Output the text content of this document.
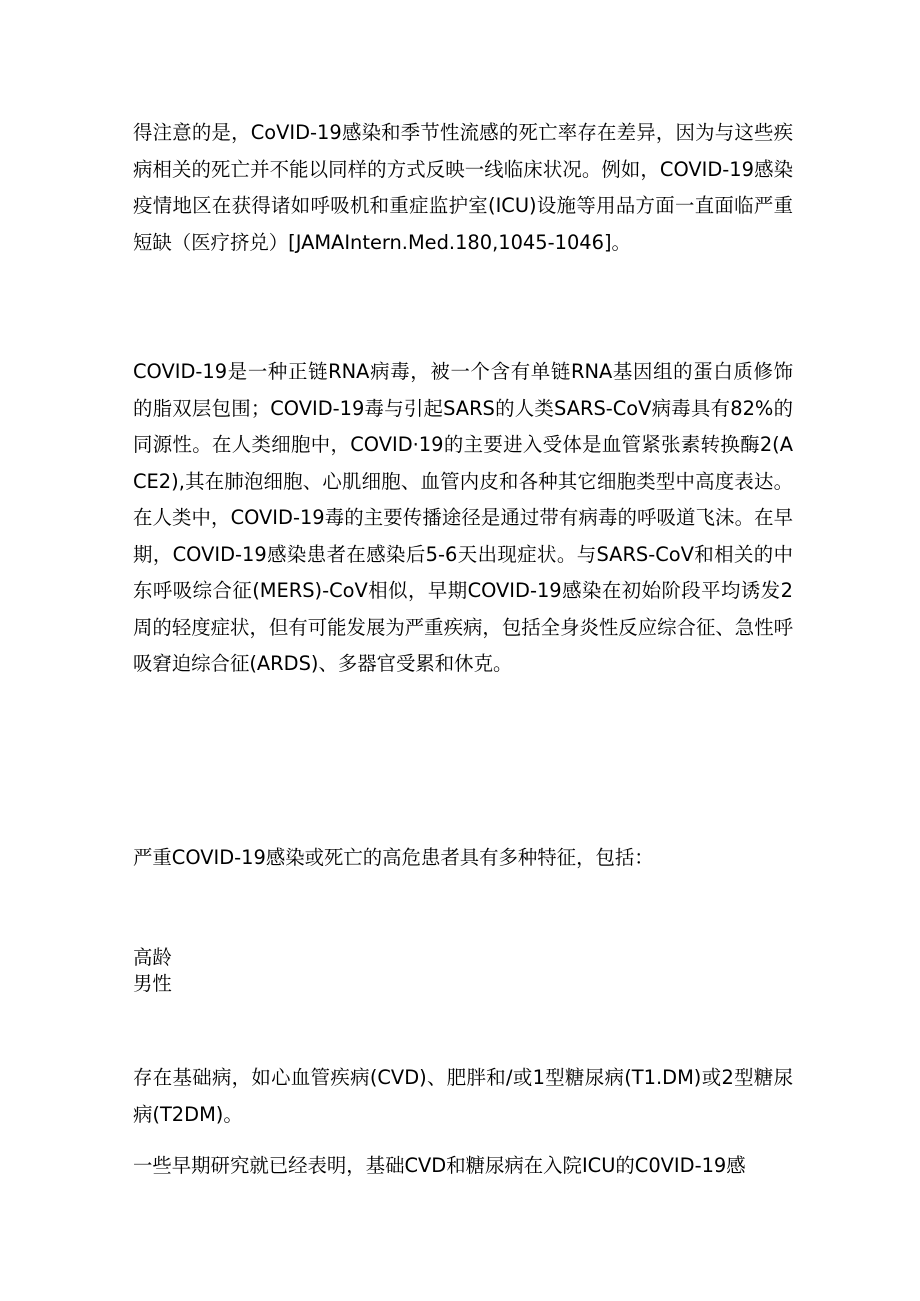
得注意的是，CoVID-19感染和季节性流感的死亡率存在差异，因为与这些疾病相关的死亡并不能以同样的方式反映一线临床状况。例如，COVID-19感染疫情地区在获得诸如呼吸机和重症监护室(ICU)设施等用品方面一直面临严重短缺（医疗挤兑）[JAMAIntern.Med.180,1045-1046]。

COVID-19是一种正链RNA病毒，被一个含有单链RNA基因组的蛋白质修饰的脂双层包围；COVID-19毒与引起SARS的人类SARS-CoV病毒具有82%的同源性。在人类细胞中，COVID·19的主要进入受体是血管紧张素转换酶2(ACE2),其在肺泡细胞、心肌细胞、血管内皮和各种其它细胞类型中高度表达。在人类中，COVID-19毒的主要传播途径是通过带有病毒的呼吸道飞沫。在早期，COVID-19感染患者在感染后5-6天出现症状。与SARS-CoV和相关的中东呼吸综合征(MERS)-CoV相似，早期COVID-19感染在初始阶段平均诱发2周的轻度症状，但有可能发展为严重疾病，包括全身炎性反应综合征、急性呼吸窘迫综合征(ARDS)、多器官受累和休克。

严重COVID-19感染或死亡的高危患者具有多种特征，包括：

高龄
男性

存在基础病，如心血管疾病(CVD)、肥胖和/或1型糖尿病(T1.DM)或2型糖尿病(T2DM)。

一些早期研究就已经表明，基础CVD和糖尿病在入院ICU的C0VID-19感
